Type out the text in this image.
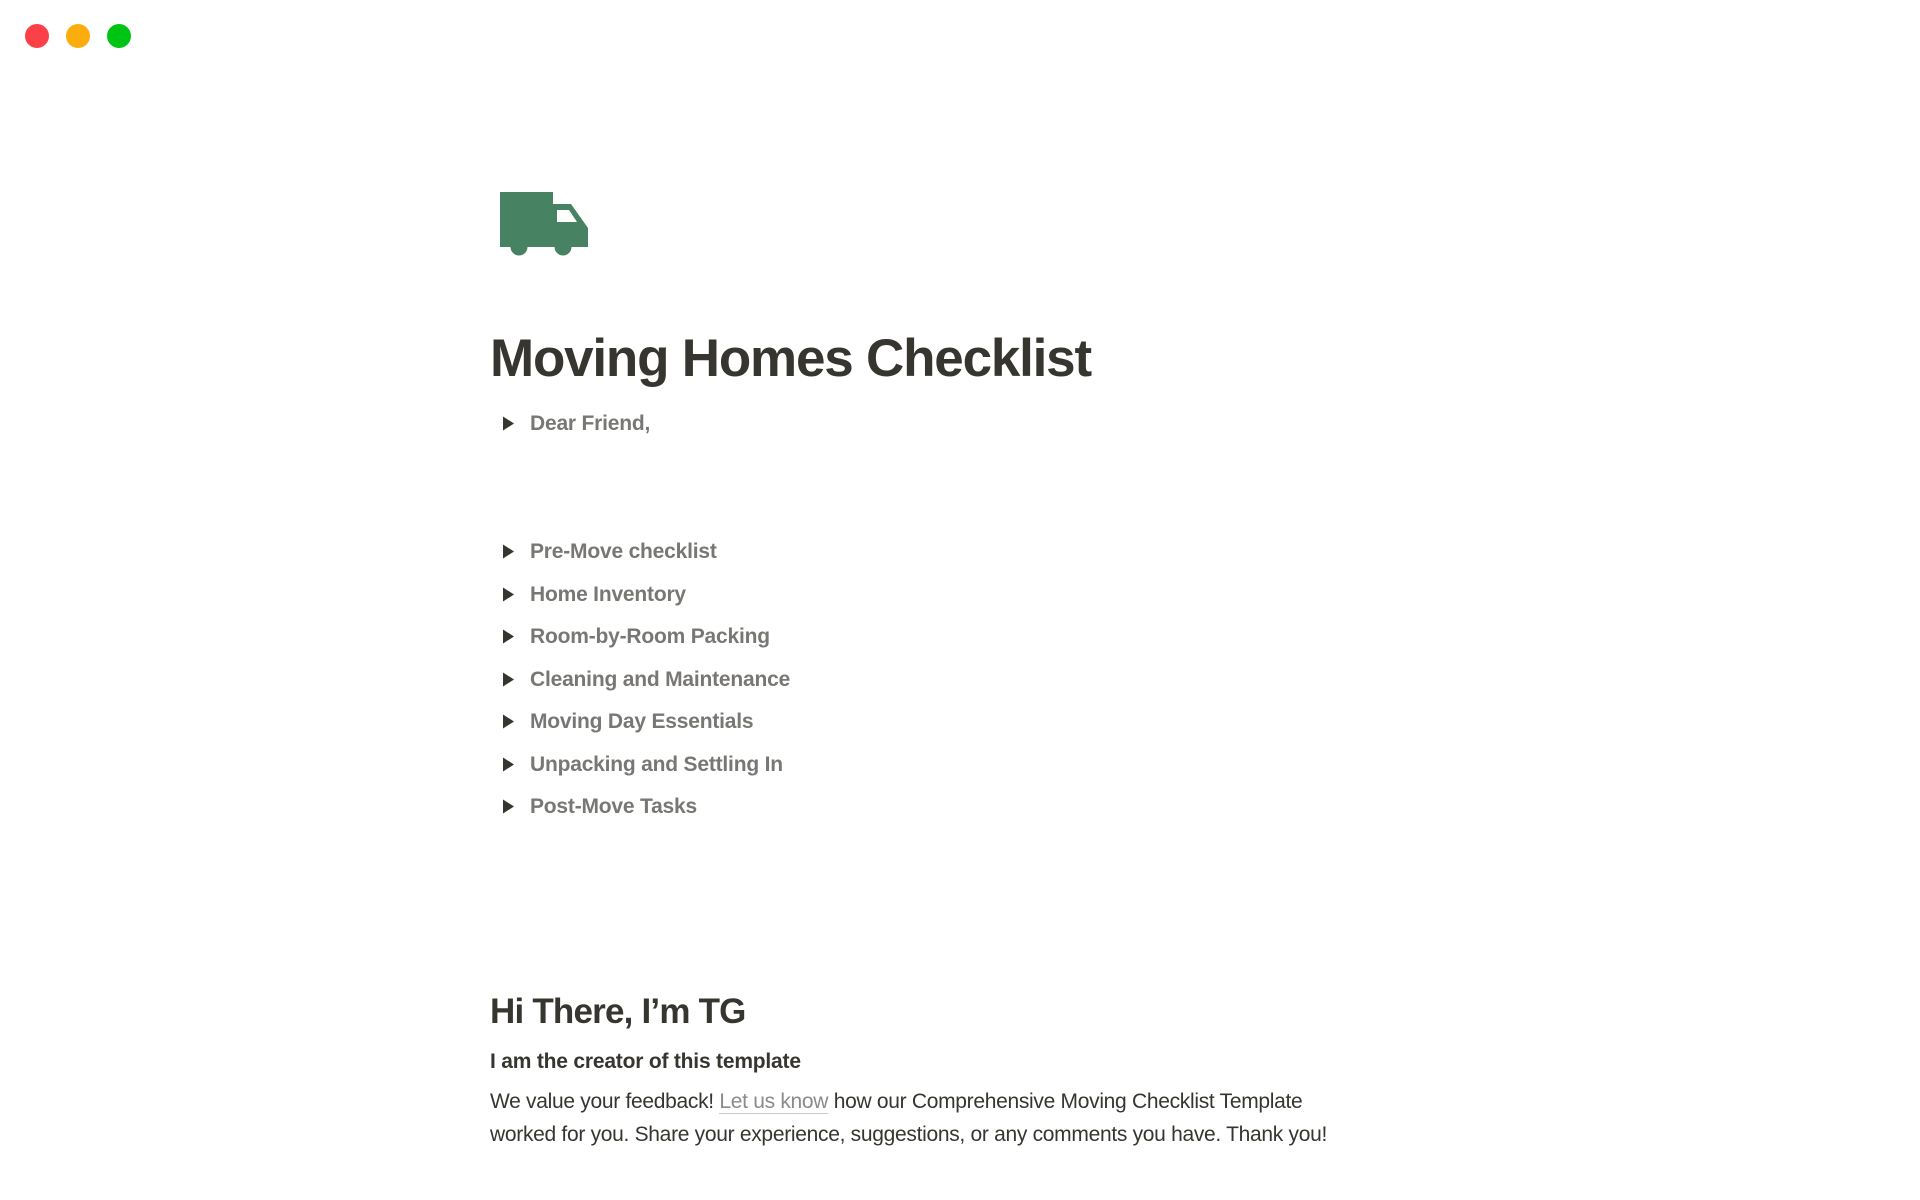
Moving Homes Checklist
Dear Friend,
Pre-Move checklist
Home Inventory
Room-by-Room Packing
Cleaning and Maintenance
Moving Day Essentials
Unpacking and Settling In
Post-Move Tasks
Hi There, I’m TG
I am the creator of this template

We value your feedback! Let us know how our Comprehensive Moving Checklist Template
worked for you. Share your experience, suggestions, or any comments you have. Thank you!
